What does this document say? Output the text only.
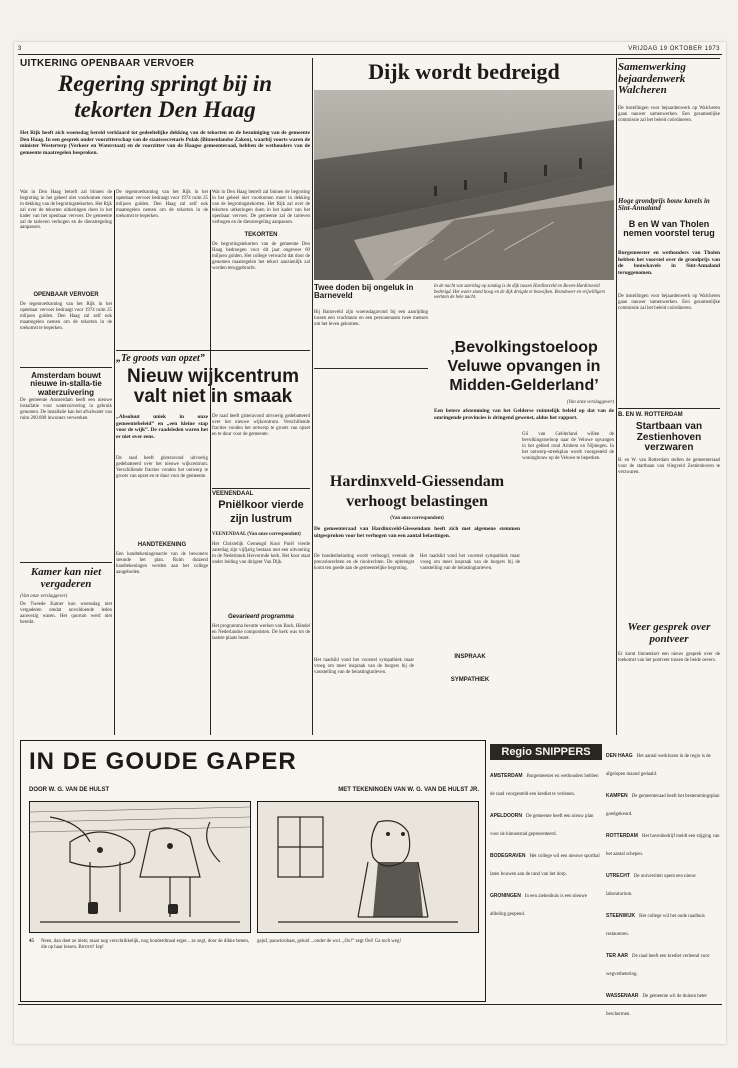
VRIJDAG 19 OKTOBER 1973
3
UITKERING OPENBAAR VERVOER
Regering springt bij in
tekorten Den Haag
Het Rijk heeft zich woensdag bereid verklaard tot gedeeltelijke dekking van de tekorten en de bezuiniging van de gemeente Den Haag. In een gesprek onder voorzitterschap van de staatssecretaris Polak (Binnenlandse Zaken), waarbij voorts waren de minister Westerterp (Verkeer en Waterstaat) en de voorzitter van de Haagse gemeenteraad, hebben de wethouders van de gemeente maatregelen besproken.
Wat in Den Haag betreft zal binnen de begroting in het geheel niet voorkomen moet in dekking van de begrotingstekorten. Het Rijk zal over de tekorten uitkeringen doen in het kader van het openbaar vervoer. De gemeente zal de tarieven verhogen en de dienstregeling aanpassen.
OPENBAAR VERVOER
De tegemoetkoming van het Rijk in het openbaar vervoer bedraagt voor 1974 ruim 25 miljoen gulden. Den Haag zal zelf ook maatregelen nemen om de tekorten in de toekomst te beperken.
De tegemoetkoming van het Rijk in het openbaar vervoer bedraagt voor 1974 ruim 25 miljoen gulden. Den Haag zal zelf ook maatregelen nemen om de tekorten in de toekomst te beperken.
Wat in Den Haag betreft zal binnen de begroting in het geheel niet voorkomen moet in dekking van de begrotingstekorten. Het Rijk zal over de tekorten uitkeringen doen in het kader van het openbaar vervoer. De gemeente zal de tarieven verhogen en de dienstregeling aanpassen.
TEKORTEN
De begrotingstekorten van de gemeente Den Haag bedroegen voor dit jaar ongeveer 60 miljoen gulden. Het college verwacht dat door de genomen maatregelen het tekort aanzienlijk zal worden teruggebracht.
Amsterdam bouwt nieuwe in-stalla-tie waterzuivering
De gemeente Amsterdam heeft een nieuwe installatie voor waterzuivering in gebruik genomen. De installatie kan het afvalwater van ruim 200.000 inwoners verwerken.
Kamer kan niet vergaderen
(Van onze verslaggever)
De Tweede Kamer kon woensdag niet vergaderen omdat onvoldoende leden aanwezig waren. Het quorum werd niet bereikt.
„Te groots van opzet”
Nieuw wijkcentrum
valt niet in smaak
„Absoluut uniek in onze gemeentebeleid” en „een kleine stap voor de wijk”. De raadsleden waren het er niet over eens.
De raad heeft gisteravond uitvoerig gedebatteerd over het nieuwe wijkcentrum. Verschillende fracties vonden het ontwerp te groots van opzet en te duur voor de gemeente.
HANDTEKENING
Een handtekeningenactie van de bewoners steunde het plan. Ruim duizend handtekeningen werden aan het college aangeboden.
De raad heeft gisteravond uitvoerig gedebatteerd over het nieuwe wijkcentrum. Verschillende fracties vonden het ontwerp te groots van opzet en te duur voor de gemeente.
VEENENDAAL
Pniëlkoor vierde
zijn lustrum
VEENENDAAL (Van onze correspondent)
Het Christelijk Gemengd Koor Pniël vierde zaterdag zijn vijfjarig bestaan met een uitvoering in de Nederlands Hervormde kerk. Het koor staat onder leiding van dirigent Van Dijk.
Gevarieerd programma
Het programma bevatte werken van Bach, Händel en Nederlandse componisten. De kerk was tot de laatste plaats bezet.
Dijk wordt bedreigd
In de nacht van zaterdag op zondag is de dijk tussen Hardinxveld en Boven-Hardinxveld bedreigd. Het water stond hoog en de dijk dreigde te bezwijken. Brandweer en vrijwilligers werkten de hele nacht.
Twee doden bij ongeluk in Barneveld
Bij Barneveld zijn woensdagavond bij een aanrijding tussen een vrachtauto en een personenauto twee mensen om het leven gekomen.
‚Bevolkingstoeloop Veluwe opvangen in Midden-Gelderland’
(Van onze verslaggever)
Een betere afstemming van het Gelderse ruimtelijk beleid op dat van de omringende provincies is dringend gewenst, aldus het rapport.
GS van Gelderland willen de bevolkingstoeloop naar de Veluwe opvangen in het gebied rond Arnhem en Nijmegen. In het ontwerp-streekplan wordt voorgesteld de woningbouw op de Veluwe te beperken.
Hardinxveld-Giessendam
verhoogt belastingen
(Van onze correspondent)
De gemeenteraad van Hardinxveld-Giessendam heeft zich met algemene stemmen uitgesproken voor het verhogen van een aantal belastingen.
De hondenbelasting wordt verhoogd, evenals de precariorechten en de rioolrechten. De opbrengst komt ten goede aan de gemeentelijke begroting.
INSPRAAK
Het raadslid vond het voorstel sympathiek maar vroeg om meer inspraak van de burgers bij de vaststelling van de belastingtarieven.
SYMPATHIEK
Het raadslid vond het voorstel sympathiek maar vroeg om meer inspraak van de burgers bij de vaststelling van de belastingtarieven.
Samenwerking bejaardenwerk Walcheren
De instellingen voor bejaardenwerk op Walcheren gaan nauwer samenwerken. Een gezamenlijke commissie zal het beleid coördineren.
Hoge grondprijs bouw kavels in Sint-Annaland
B en W van Tholen nemen voorstel terug
Burgemeester en wethouders van Tholen hebben het voorstel over de grondprijs van de bouwkavels in Sint-Annaland teruggenomen.
De instellingen voor bejaardenwerk op Walcheren gaan nauwer samenwerken. Een gezamenlijke commissie zal het beleid coördineren.
B. EN W. ROTTERDAM
Startbaan van Zestienhoven verzwaren
B. en W. van Rotterdam stellen de gemeenteraad voor de startbaan van vliegveld Zestienhoven te verzwaren.
Weer gesprek over pontveer
Er komt binnenkort een nieuw gesprek over de toekomst van het pontveer tussen de beide oevers.
IN DE GOUDE GAPER
DOOR W. G. VAN DE HULST	MET TEKENINGEN VAN W. G. VAN DE HULST JR.
45	Neen, dan doet ze niets; maar nog verschrikkelijk, nog honderdmaal erger... ze zegt, door de dikke benen, die op haar lessen. Brrrrrrr! Iep!
gejuf, pauwkrobaat, geluid ...onder de wol. „Oo!” zegt Oei! Ga toch weg!
Regio SNIPPERS
AMSTERDAM Burgemeester en wethouders hebben de raad voorgesteld een krediet te verlenen.
APELDOORN De gemeente heeft een nieuw plan voor de binnenstad gepresenteerd.
BODEGRAVEN Het college wil een nieuwe sporthal laten bouwen aan de rand van het dorp.
GRONINGEN In een ziekenhuis is een nieuwe afdeling geopend.
DEN HAAG Het aantal werklozen in de regio is de afgelopen maand gedaald.
KAMPEN De gemeenteraad heeft het bestemmingsplan goedgekeurd.
ROTTERDAM Het havenbedrijf meldt een stijging van het aantal schepen.
UTRECHT De universiteit opent een nieuw laboratorium.
STEENWIJK Het college wil het oude raadhuis restaureren.
TER AAR De raad heeft een krediet verleend voor wegverbetering.
WASSENAAR De gemeente wil de duinen beter beschermen.
